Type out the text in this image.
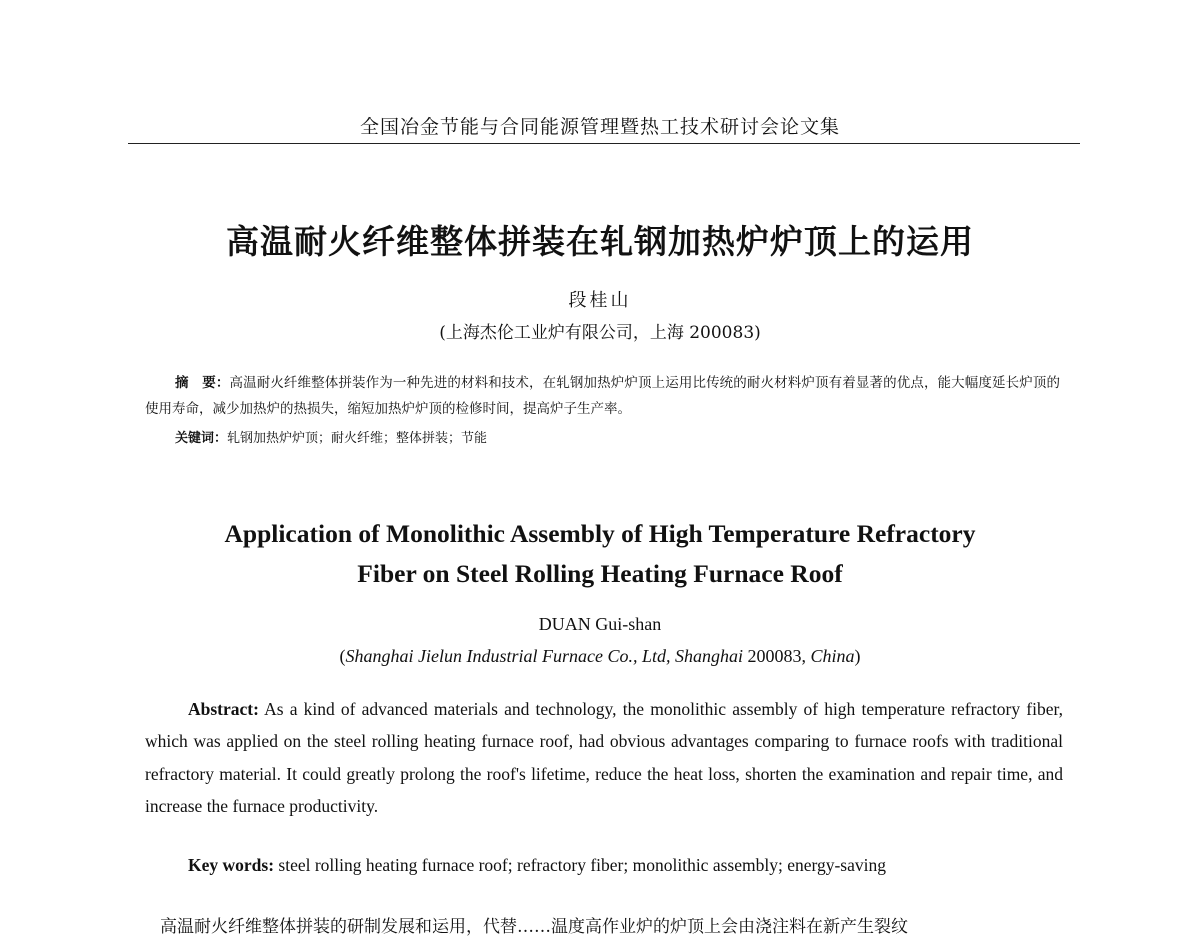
全国冶金节能与合同能源管理暨热工技术研讨会论文集
高温耐火纤维整体拼装在轧钢加热炉炉顶上的运用
段桂山
(上海杰伦工业炉有限公司，上海 200083)
摘　要：高温耐火纤维整体拼装作为一种先进的材料和技术，在轧钢加热炉炉顶上运用比传统的耐火材料炉顶有着显著的优点，能大幅度延长炉顶的使用寿命，减少加热炉的热损失，缩短加热炉炉顶的检修时间，提高炉子生产率。
关键词：轧钢加热炉炉顶；耐火纤维；整体拼装；节能
Application of Monolithic Assembly of High Temperature Refractory
Fiber on Steel Rolling Heating Furnace Roof
DUAN Gui-shan
(Shanghai Jielun Industrial Furnace Co., Ltd, Shanghai 200083, China)
Abstract: As a kind of advanced materials and technology, the monolithic assembly of high temperature refractory fiber, which was applied on the steel rolling heating furnace roof, had obvious advantages comparing to furnace roofs with traditional refractory material. It could greatly prolong the roof's lifetime, reduce the heat loss, shorten the examination and repair time, and increase the furnace productivity.
Key words: steel rolling heating furnace roof; refractory fiber; monolithic assembly; energy-saving
高温耐火纤维整体拼装的研制发展和运用，代替……温度高作业炉的炉顶上会由浇注料在新产生裂纹
